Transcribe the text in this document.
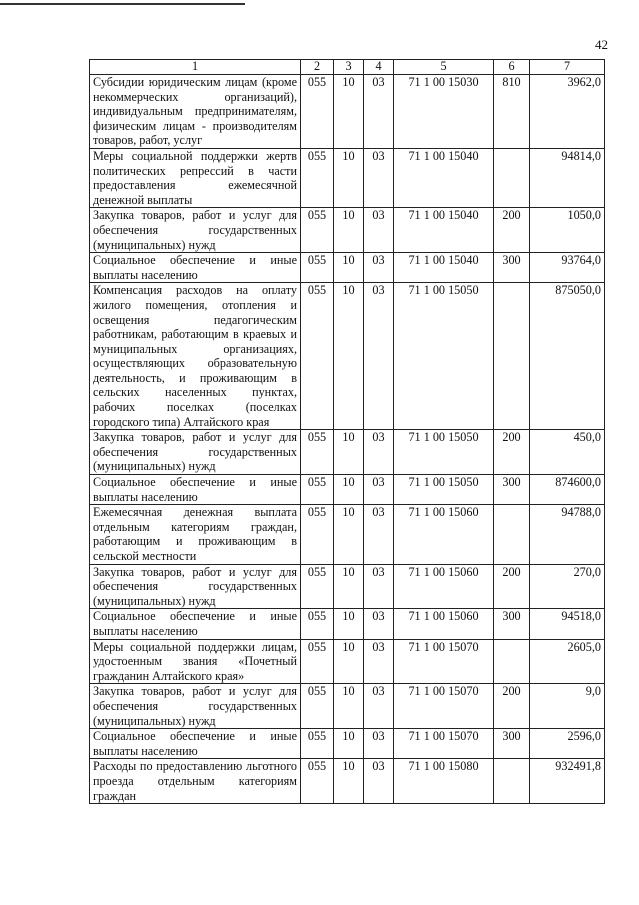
42
1	2	3	4	5	6	7
Субсидии юридическим лицам (кроме некоммерческих организаций), индивидуальным предпринимателям, физическим лицам - производителям товаров, работ, услуг	055	10	03	71 1 00 15030	810	3962,0
Меры социальной поддержки жертв политических репрессий в части предоставления ежемесячной денежной выплаты	055	10	03	71 1 00 15040		94814,0
Закупка товаров, работ и услуг для обеспечения государственных (муниципальных) нужд	055	10	03	71 1 00 15040	200	1050,0
Социальное обеспечение и иные выплаты населению	055	10	03	71 1 00 15040	300	93764,0
Компенсация расходов на оплату жилого помещения, отопления и освещения педагогическим работникам, работающим в краевых и муниципальных организациях, осуществляющих образовательную деятельность, и проживающим в сельских населенных пунктах, рабочих поселках (поселках городского типа) Алтайского края	055	10	03	71 1 00 15050		875050,0
Закупка товаров, работ и услуг для обеспечения государственных (муниципальных) нужд	055	10	03	71 1 00 15050	200	450,0
Социальное обеспечение и иные выплаты населению	055	10	03	71 1 00 15050	300	874600,0
Ежемесячная денежная выплата отдельным категориям граждан, работающим и проживающим в сельской местности	055	10	03	71 1 00 15060		94788,0
Закупка товаров, работ и услуг для обеспечения государственных (муниципальных) нужд	055	10	03	71 1 00 15060	200	270,0
Социальное обеспечение и иные выплаты населению	055	10	03	71 1 00 15060	300	94518,0
Меры социальной поддержки лицам, удостоенным звания «Почетный гражданин Алтайского края»	055	10	03	71 1 00 15070		2605,0
Закупка товаров, работ и услуг для обеспечения государственных (муниципальных) нужд	055	10	03	71 1 00 15070	200	9,0
Социальное обеспечение и иные выплаты населению	055	10	03	71 1 00 15070	300	2596,0
Расходы по предоставлению льготного проезда отдельным категориям граждан	055	10	03	71 1 00 15080		932491,8
